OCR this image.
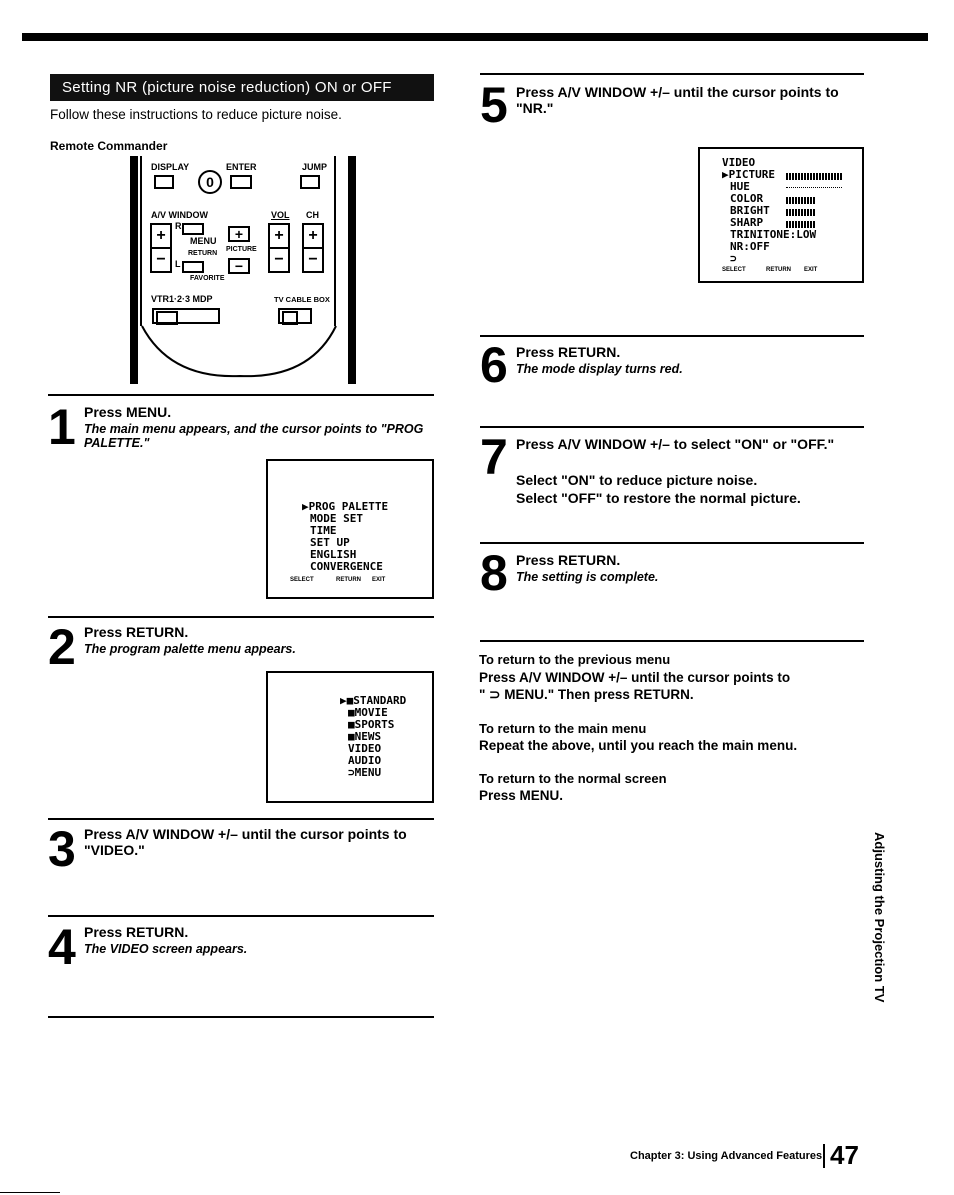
Setting NR (picture noise reduction) ON or OFF
Follow these instructions to reduce picture noise.
Remote Commander
DISPLAY	ENTER	JUMP
0
A/V WINDOW	VOL CH
+
−
R
MENU
RETURN
L
FAVORITE
+
PICTURE
−
+
−
+
−
VTR1·2·3 MDP	TV CABLE BOX
1 Press MENU.
The main menu appears, and the cursor points to "PROG PALETTE."
▶PROG PALETTE
MODE SET
TIME
SET UP
ENGLISH
CONVERGENCE
SELECT	RETURN EXIT
2 Press RETURN.
The program palette menu appears.
▶■STANDARD
■MOVIE
■SPORTS
■NEWS
VIDEO
AUDIO
⊃MENU
3 Press A/V WINDOW +/– until the cursor points to "VIDEO."
4 Press RETURN.
The VIDEO screen appears.
5 Press A/V WINDOW +/– until the cursor points to "NR."
VIDEO
▶PICTURE
HUE
COLOR
BRIGHT
SHARP
TRINITONE:LOW
NR:OFF
⊃
SELECT	RETURN EXIT
6 Press RETURN.
The mode display turns red.
7 Press A/V WINDOW +/– to select "ON" or "OFF."
Select "ON" to reduce picture noise.
Select "OFF" to restore the normal picture.
8 Press RETURN.
The setting is complete.
To return to the previous menu
Press A/V WINDOW +/– until the cursor points to " ⊃ MENU." Then press RETURN.
To return to the main menu
Repeat the above, until you reach the main menu.
To return to the normal screen
Press MENU.
Adjusting the Projection TV
Chapter 3: Using Advanced Features 47
